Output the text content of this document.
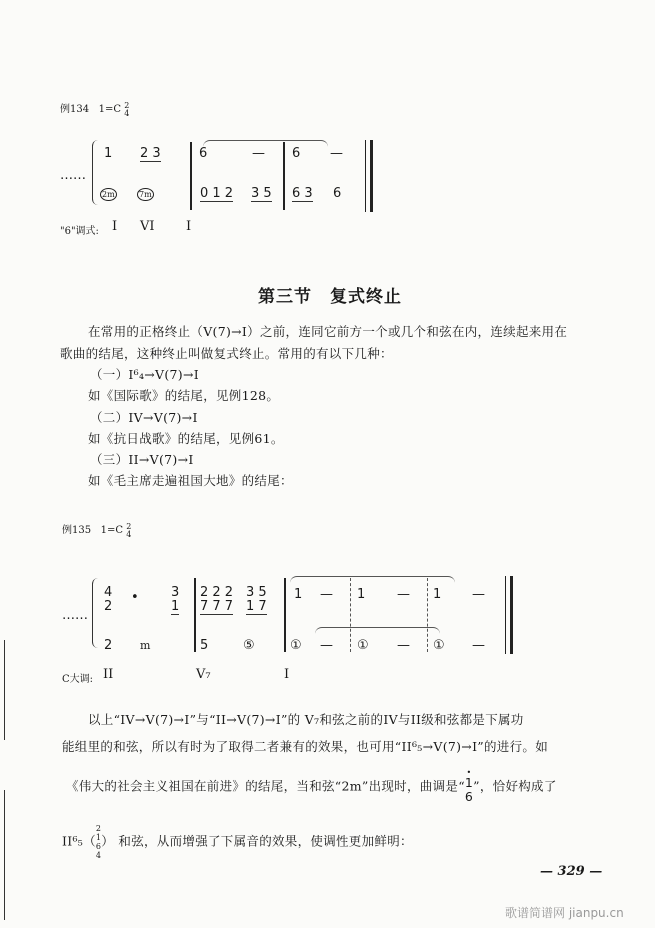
例134 1=C 2
4
……
1 2 3	6	— 6 —
2m	7m	0 1 2 3 5 6 3 6
"6"调式: I VI I
第三节　复式终止
在常用的正格终止（V(7)→I）之前，连同它前方一个或几个和弦在内，连续起来用在
歌曲的结尾，这种终止叫做复式终止。常用的有以下几种：
（一）I⁶₄→V(7)→I
如《国际歌》的结尾，见例128。
（二）IV→V(7)→I
如《抗日战歌》的结尾，见例61。
（三）II→V(7)→I
如《毛主席走遍祖国大地》的结尾：
例135 1=C 2
4
……
4	3 2 2 2 3 5 1 — 1 — 1 —
2
•
1 7 7 7 1 7
2	m	5	⑤	① — ① — ① —
C大调: II	V₇	I
以上“IV→V(7)→I”与“II→V(7)→I”的 V₇和弦之前的IV与II级和弦都是下属功
能组里的和弦，所以有时为了取得二者兼有的效果，也可用“II⁶₅→V(7)→I”的进行。如
《伟大的社会主义祖国在前进》的结尾，当和弦“2m”出现时，曲调是“
•
1
6”，恰好构成了
II⁶₅（2
1
6
4） 和弦，从而增强了下属音的效果，使调性更加鲜明：
— 329 —
歌谱简谱网 jianpu.cn
